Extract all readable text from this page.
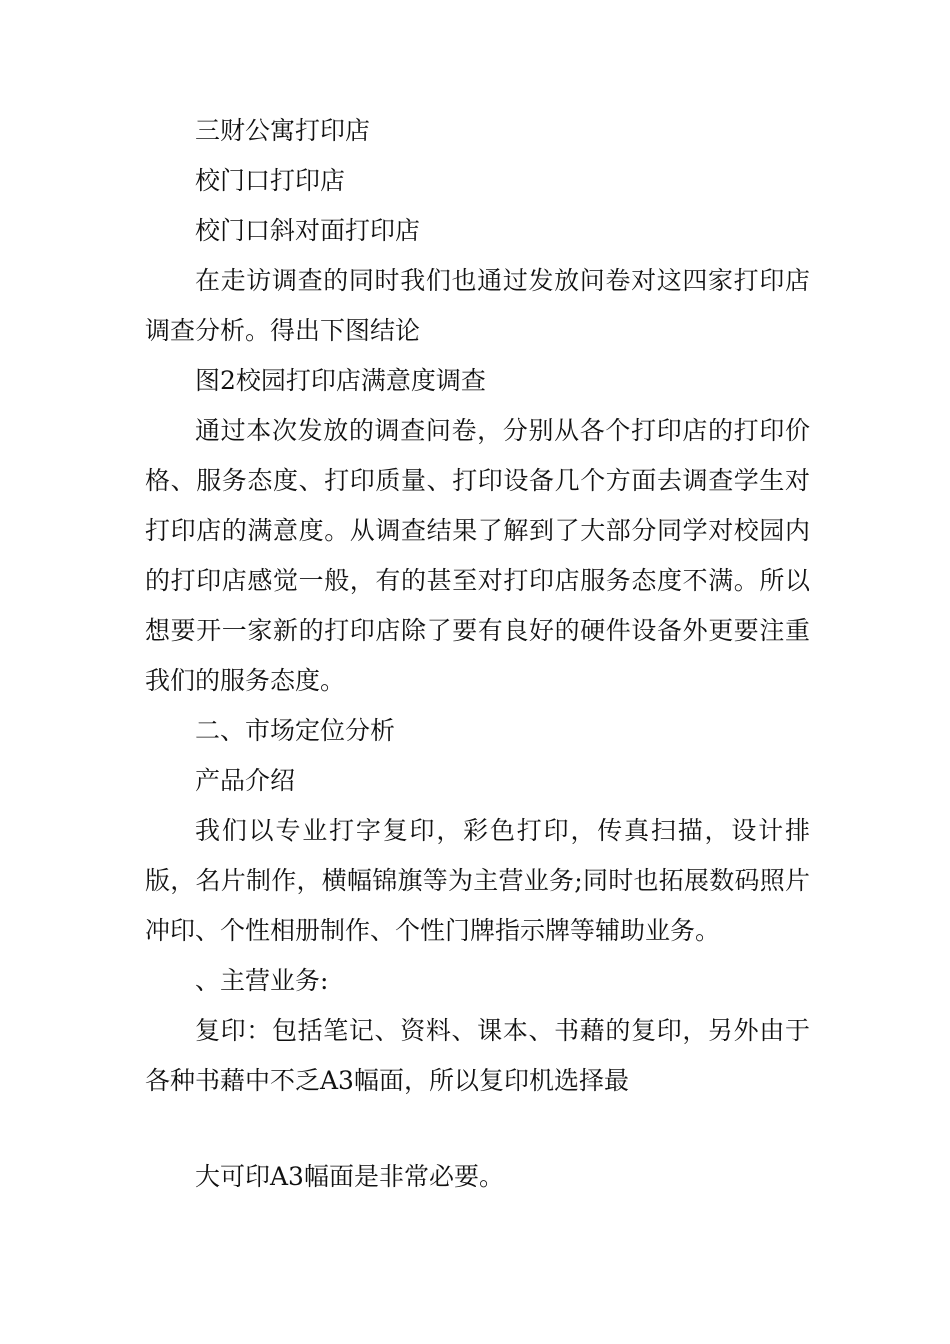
三财公寓打印店

校门口打印店

校门口斜对面打印店

在走访调查的同时我们也通过发放问卷对这四家打印店调查分析。得出下图结论

图2校园打印店满意度调查

通过本次发放的调查问卷，分别从各个打印店的打印价格、服务态度、打印质量、打印设备几个方面去调查学生对打印店的满意度。从调查结果了解到了大部分同学对校园内的打印店感觉一般，有的甚至对打印店服务态度不满。所以想要开一家新的打印店除了要有良好的硬件设备外更要注重我们的服务态度。

二、市场定位分析

产品介绍

我们以专业打字复印，彩色打印，传真扫描，设计排版，名片制作，横幅锦旗等为主营业务;同时也拓展数码照片冲印、个性相册制作、个性门牌指示牌等辅助业务。

、主营业务:

复印：包括笔记、资料、课本、书藉的复印，另外由于各种书藉中不乏A3幅面，所以复印机选择最

大可印A3幅面是非常必要。
